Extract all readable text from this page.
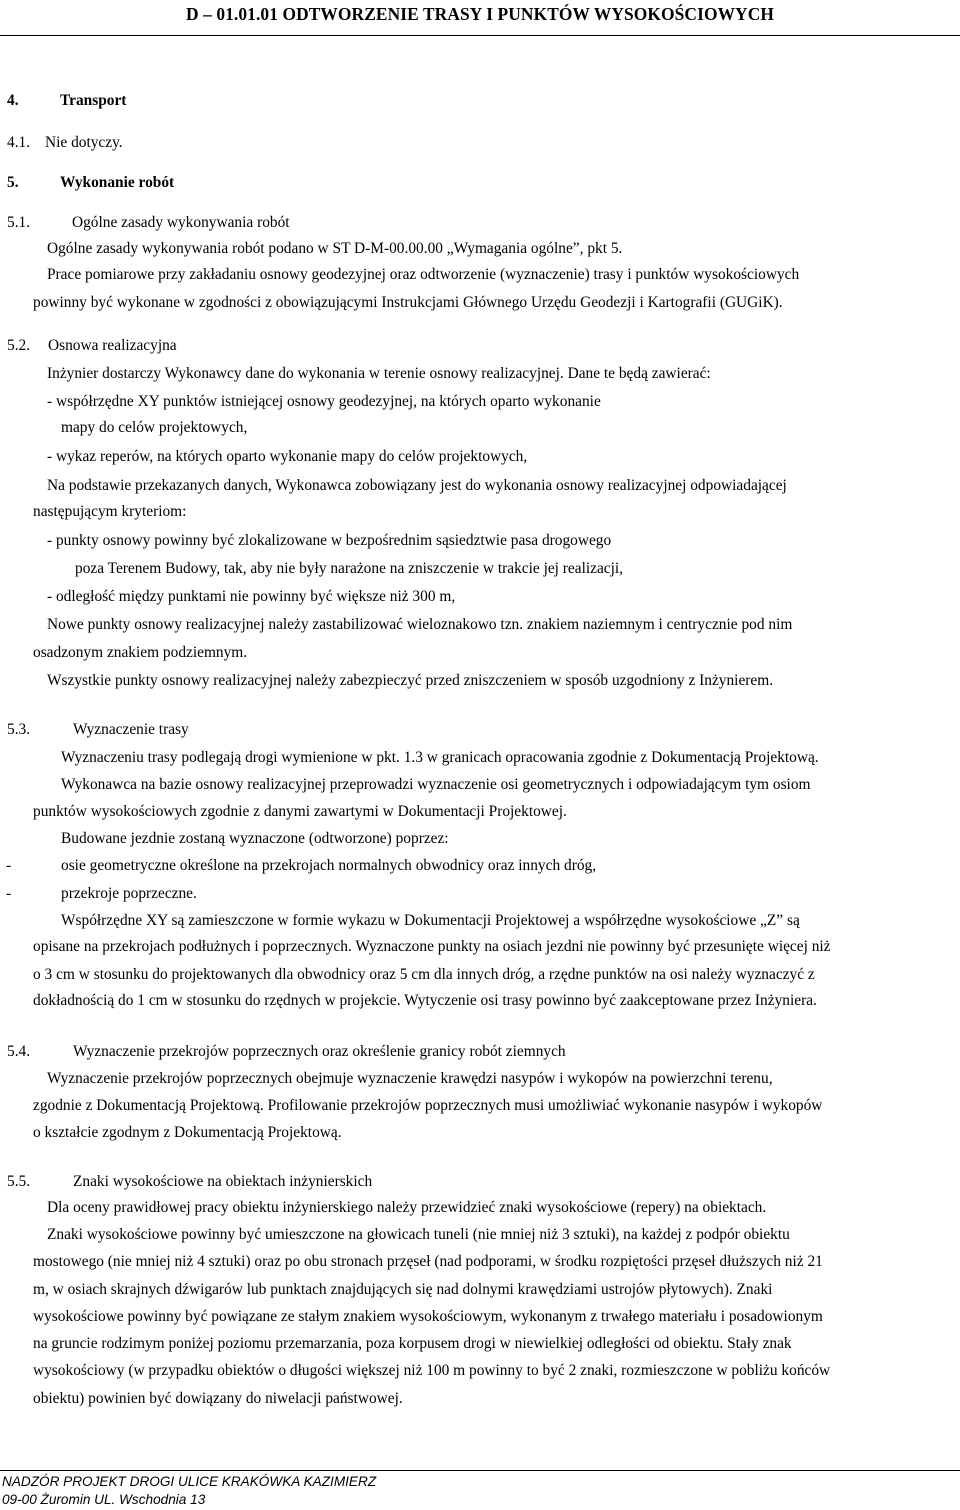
D – 01.01.01 ODTWORZENIE TRASY I PUNKTÓW WYSOKOŚCIOWYCH
4.	Transport
4.1. Nie dotyczy.
5.	Wykonanie robót
5.1.	Ogólne zasady wykonywania robót
Ogólne zasady wykonywania robót podano w ST D-M-00.00.00 „Wymagania ogólne”, pkt 5.
Prace pomiarowe przy zakładaniu osnowy geodezyjnej oraz odtworzenie (wyznaczenie) trasy i punktów wysokościowych
powinny być wykonane w zgodności z obowiązującymi Instrukcjami Głównego Urzędu Geodezji i Kartografii (GUGiK).
5.2. Osnowa realizacyjna
Inżynier dostarczy Wykonawcy dane do wykonania w terenie osnowy realizacyjnej. Dane te będą zawierać:
- współrzędne XY punktów istniejącej osnowy geodezyjnej, na których oparto wykonanie
mapy do celów projektowych,
- wykaz reperów, na których oparto wykonanie mapy do celów projektowych,
Na podstawie przekazanych danych, Wykonawca zobowiązany jest do wykonania osnowy realizacyjnej odpowiadającej
następującym kryteriom:
- punkty osnowy powinny być zlokalizowane w bezpośrednim sąsiedztwie pasa drogowego
poza Terenem Budowy, tak, aby nie były narażone na zniszczenie w trakcie jej realizacji,
- odległość między punktami nie powinny być większe niż 300 m,
Nowe punkty osnowy realizacyjnej należy zastabilizować wieloznakowo tzn. znakiem naziemnym i centrycznie pod nim
osadzonym znakiem podziemnym.
Wszystkie punkty osnowy realizacyjnej należy zabezpieczyć przed zniszczeniem w sposób uzgodniony z Inżynierem.
5.3.	Wyznaczenie trasy
Wyznaczeniu trasy podlegają drogi wymienione w pkt. 1.3 w granicach opracowania zgodnie z Dokumentacją Projektową.
Wykonawca na bazie osnowy realizacyjnej przeprowadzi wyznaczenie osi geometrycznych i odpowiadającym tym osiom
punktów wysokościowych zgodnie z danymi zawartymi w Dokumentacji Projektowej.
Budowane jezdnie zostaną wyznaczone (odtworzone) poprzez:
-	osie geometryczne określone na przekrojach normalnych obwodnicy oraz innych dróg,
-	przekroje poprzeczne.
Współrzędne XY są zamieszczone w formie wykazu w Dokumentacji Projektowej a współrzędne wysokościowe „Z” są
opisane na przekrojach podłużnych i poprzecznych. Wyznaczone punkty na osiach jezdni nie powinny być przesunięte więcej niż
o 3 cm w stosunku do projektowanych dla obwodnicy oraz 5 cm dla innych dróg, a rzędne punktów na osi należy wyznaczyć z
dokładnością do 1 cm w stosunku do rzędnych w projekcie. Wytyczenie osi trasy powinno być zaakceptowane przez Inżyniera.
5.4.	Wyznaczenie przekrojów poprzecznych oraz określenie granicy robót ziemnych
Wyznaczenie przekrojów poprzecznych obejmuje wyznaczenie krawędzi nasypów i wykopów na powierzchni terenu,
zgodnie z Dokumentacją Projektową. Profilowanie przekrojów poprzecznych musi umożliwiać wykonanie nasypów i wykopów
o kształcie zgodnym z Dokumentacją Projektową.
5.5.	Znaki wysokościowe na obiektach inżynierskich
Dla oceny prawidłowej pracy obiektu inżynierskiego należy przewidzieć znaki wysokościowe (repery) na obiektach.
Znaki wysokościowe powinny być umieszczone na głowicach tuneli (nie mniej niż 3 sztuki), na każdej z podpór obiektu
mostowego (nie mniej niż 4 sztuki) oraz po obu stronach przęseł (nad podporami, w środku rozpiętości przęseł dłuższych niż 21
m, w osiach skrajnych dźwigarów lub punktach znajdujących się nad dolnymi krawędziami ustrojów płytowych). Znaki
wysokościowe powinny być powiązane ze stałym znakiem wysokościowym, wykonanym z trwałego materiału i posadowionym
na gruncie rodzimym poniżej poziomu przemarzania, poza korpusem drogi w niewielkiej odległości od obiektu. Stały znak
wysokościowy (w przypadku obiektów o długości większej niż 100 m powinny to być 2 znaki, rozmieszczone w pobliżu końców
obiektu) powinien być dowiązany do niwelacji państwowej.
NADZÓR PROJEKT DROGI ULICE KRAKÓWKA KAZIMIERZ
09-00 Żuromin UL. Wschodnia 13
